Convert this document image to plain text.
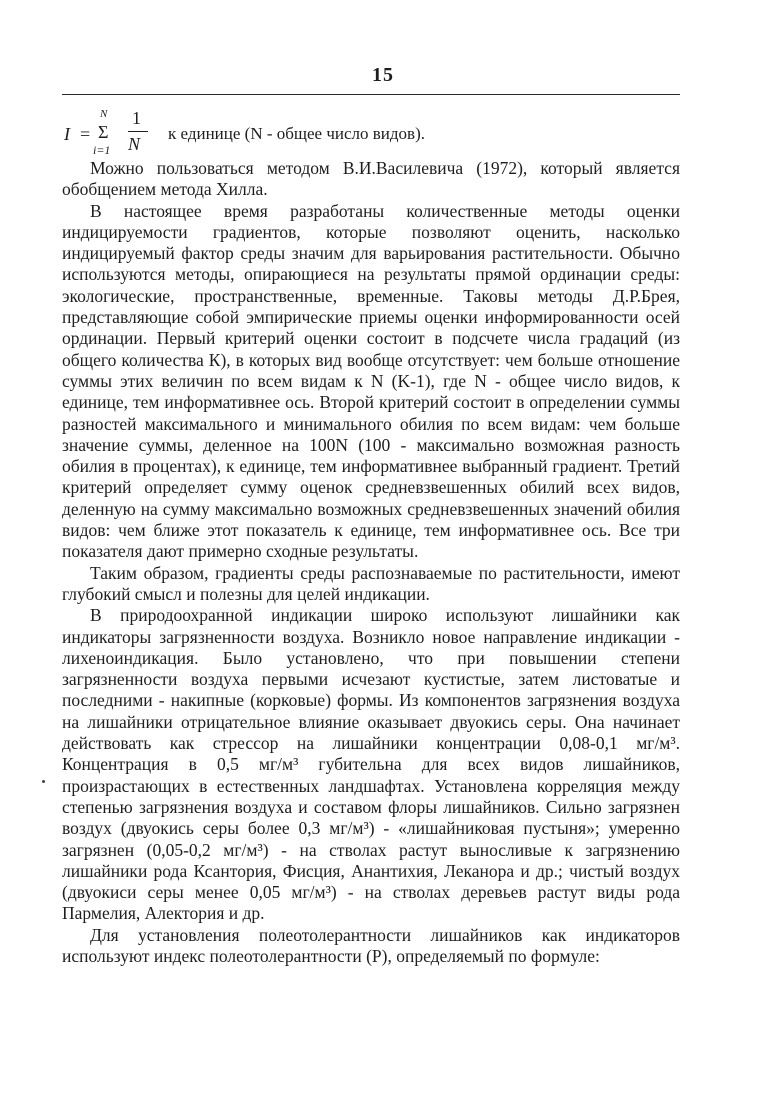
15
I =
N
Σ
i=1
1
N
к единице (N - общее число видов).

Можно пользоваться методом В.И.Василевича (1972), который является обобщением метода Хилла.

В настоящее время разработаны количественные методы оценки индицируемости градиентов, которые позволяют оценить, насколько индицируемый фактор среды значим для варьирования растительности. Обычно используются методы, опирающиеся на результаты прямой ординации среды: экологические, пространственные, временные. Таковы методы Д.Р.Брея, представляющие собой эмпирические приемы оценки информированности осей ординации. Первый критерий оценки состоит в подсчете числа градаций (из общего количества К), в которых вид вообще отсутствует: чем больше отношение суммы этих величин по всем видам к N (K-1), где N - общее число видов, к единице, тем информативнее ось. Второй критерий состоит в определении суммы разностей максимального и минимального обилия по всем видам: чем больше значение суммы, деленное на 100N (100 - максимально возможная разность обилия в процентах), к единице, тем информативнее выбранный градиент. Третий критерий определяет сумму оценок средневзвешенных обилий всех видов, деленную на сумму максимально возможных средневзвешенных значений обилия видов: чем ближе этот показатель к единице, тем информативнее ось. Все три показателя дают примерно сходные результаты.

Таким образом, градиенты среды распознаваемые по растительности, имеют глубокий смысл и полезны для целей индикации.

В природоохранной индикации широко используют лишайники как индикаторы загрязненности воздуха. Возникло новое направление индикации - лихеноиндикация. Было установлено, что при повышении степени загрязненности воздуха первыми исчезают кустистые, затем листоватые и последними - накипные (корковые) формы. Из компонентов загрязнения воздуха на лишайники отрицательное влияние оказывает двуокись серы. Она начинает действовать как стрессор на лишайники концентрации 0,08-0,1 мг/м³. Концентрация в 0,5 мг/м³ губительна для всех видов лишайников, произрастающих в естественных ландшафтах. Установлена корреляция между степенью загрязнения воздуха и составом флоры лишайников. Сильно загрязнен воздух (двуокись серы более 0,3 мг/м³) - «лишайниковая пустыня»; умеренно загрязнен (0,05-0,2 мг/м³) - на стволах растут выносливые к загрязнению лишайники рода Ксантория, Фисция, Анантихия, Леканора и др.; чистый воздух (двуокиси серы менее 0,05 мг/м³) - на стволах деревьев растут виды рода Пармелия, Алектория и др.

Для установления полеотолерантности лишайников как индикаторов используют индекс полеотолерантности (Р), определяемый по формуле:
